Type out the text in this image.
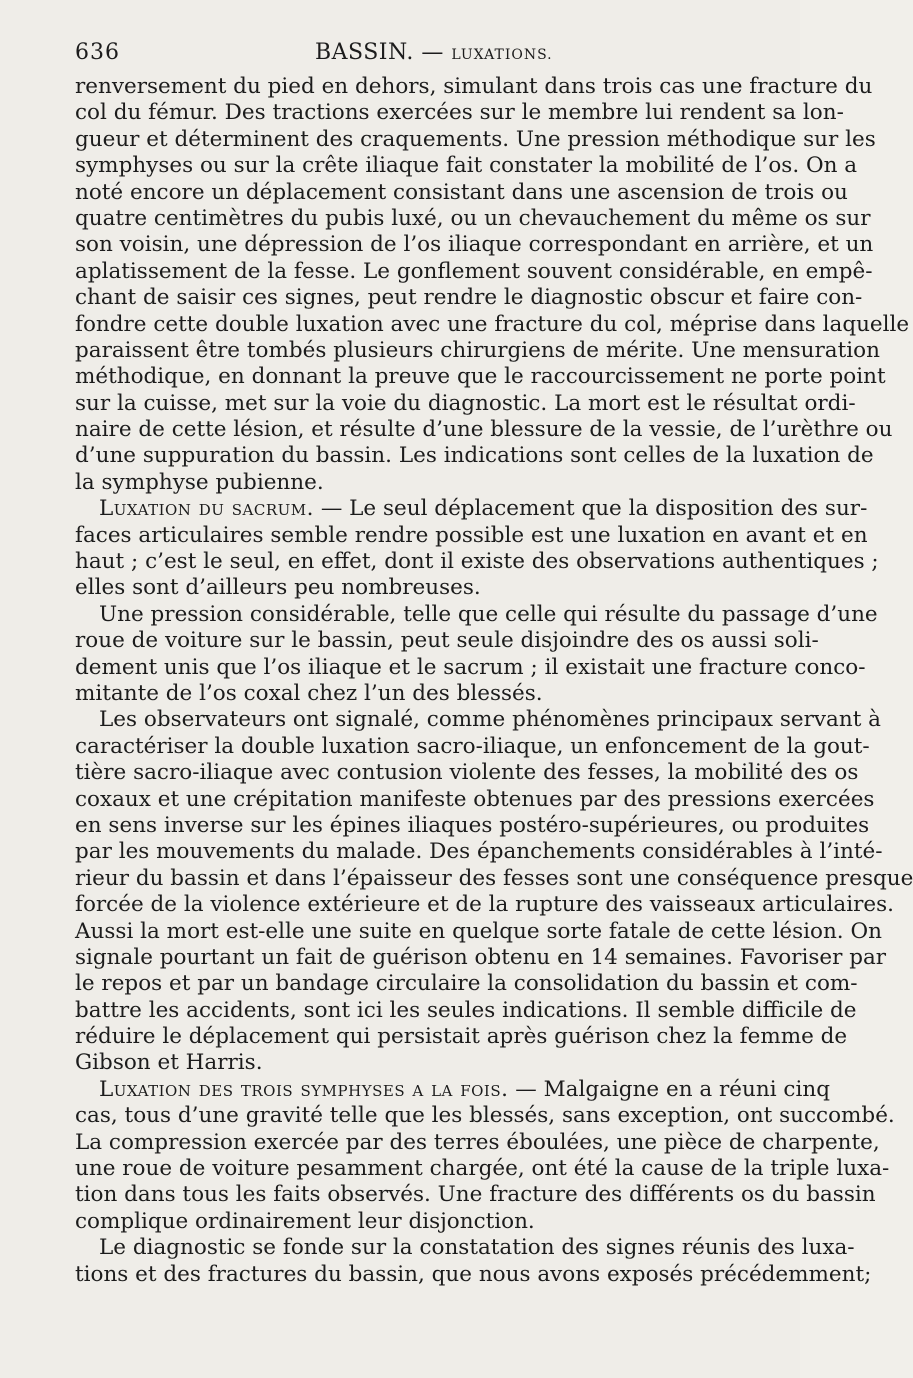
636	BASSIN. — LUXATIONS.
renversement du pied en dehors, simulant dans trois cas une fracture du
col du fémur. Des tractions exercées sur le membre lui rendent sa lon-
gueur et déterminent des craquements. Une pression méthodique sur les
symphyses ou sur la crête iliaque fait constater la mobilité de l’os. On a
noté encore un déplacement consistant dans une ascension de trois ou
quatre centimètres du pubis luxé, ou un chevauchement du même os sur
son voisin, une dépression de l’os iliaque correspondant en arrière, et un
aplatissement de la fesse. Le gonflement souvent considérable, en empê-
chant de saisir ces signes, peut rendre le diagnostic obscur et faire con-
fondre cette double luxation avec une fracture du col, méprise dans laquelle
paraissent être tombés plusieurs chirurgiens de mérite. Une mensuration
méthodique, en donnant la preuve que le raccourcissement ne porte point
sur la cuisse, met sur la voie du diagnostic. La mort est le résultat ordi-
naire de cette lésion, et résulte d’une blessure de la vessie, de l’urèthre ou
d’une suppuration du bassin. Les indications sont celles de la luxation de
la symphyse pubienne.
Luxation du sacrum. — Le seul déplacement que la disposition des sur-
faces articulaires semble rendre possible est une luxation en avant et en
haut ; c’est le seul, en effet, dont il existe des observations authentiques ;
elles sont d’ailleurs peu nombreuses.
Une pression considérable, telle que celle qui résulte du passage d’une
roue de voiture sur le bassin, peut seule disjoindre des os aussi soli-
dement unis que l’os iliaque et le sacrum ; il existait une fracture conco-
mitante de l’os coxal chez l’un des blessés.
Les observateurs ont signalé, comme phénomènes principaux servant à
caractériser la double luxation sacro-iliaque, un enfoncement de la gout-
tière sacro-iliaque avec contusion violente des fesses, la mobilité des os
coxaux et une crépitation manifeste obtenues par des pressions exercées
en sens inverse sur les épines iliaques postéro-supérieures, ou produites
par les mouvements du malade. Des épanchements considérables à l’inté-
rieur du bassin et dans l’épaisseur des fesses sont une conséquence presque
forcée de la violence extérieure et de la rupture des vaisseaux articulaires.
Aussi la mort est-elle une suite en quelque sorte fatale de cette lésion. On
signale pourtant un fait de guérison obtenu en 14 semaines. Favoriser par
le repos et par un bandage circulaire la consolidation du bassin et com-
battre les accidents, sont ici les seules indications. Il semble difficile de
réduire le déplacement qui persistait après guérison chez la femme de
Gibson et Harris.
Luxation des trois symphyses a la fois. — Malgaigne en a réuni cinq
cas, tous d’une gravité telle que les blessés, sans exception, ont succombé.
La compression exercée par des terres éboulées, une pièce de charpente,
une roue de voiture pesamment chargée, ont été la cause de la triple luxa-
tion dans tous les faits observés. Une fracture des différents os du bassin
complique ordinairement leur disjonction.
Le diagnostic se fonde sur la constatation des signes réunis des luxa-
tions et des fractures du bassin, que nous avons exposés précédemment;
